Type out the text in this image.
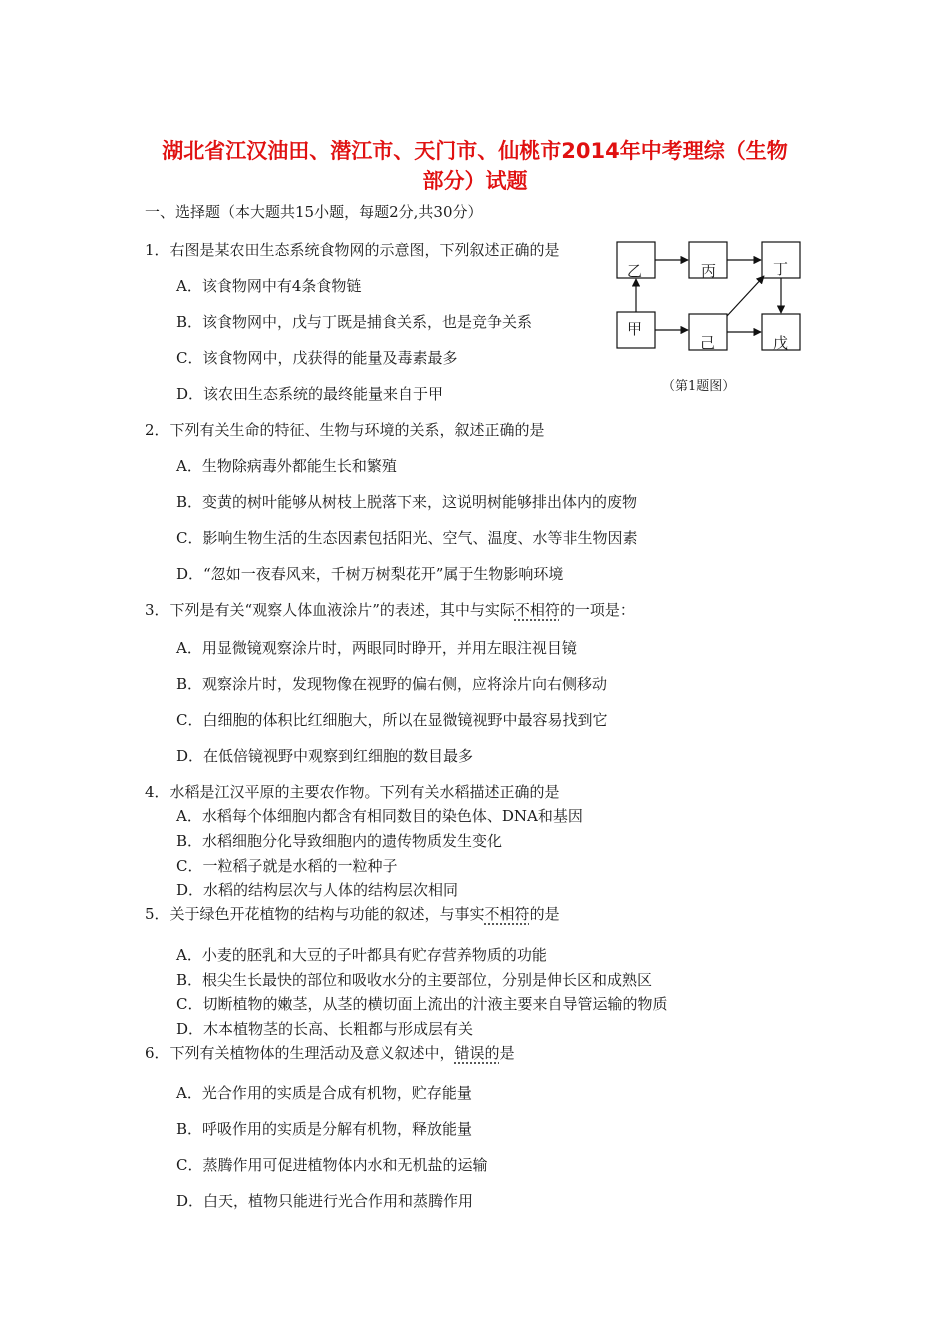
湖北省江汉油田、潜江市、天门市、仙桃市2014年中考理综（生物
部分）试题
一、选择题（本大题共15小题，每题2分,共30分）
1．右图是某农田生态系统食物网的示意图，下列叙述正确的是
A．该食物网中有4条食物链
B．该食物网中，戊与丁既是捕食关系，也是竞争关系
C．该食物网中，戊获得的能量及毒素最多
D．该农田生态系统的最终能量来自于甲
乙	丙	丁
甲
己	戊
（第1题图）
2．下列有关生命的特征、生物与环境的关系，叙述正确的是
A．生物除病毒外都能生长和繁殖
B．变黄的树叶能够从树枝上脱落下来，这说明树能够排出体内的废物
C．影响生物生活的生态因素包括阳光、空气、温度、水等非生物因素
D．“忽如一夜春风来，千树万树梨花开”属于生物影响环境
3．下列是有关“观察人体血液涂片”的表述，其中与实际不相符的一项是：
A．用显微镜观察涂片时，两眼同时睁开，并用左眼注视目镜
B．观察涂片时，发现物像在视野的偏右侧，应将涂片向右侧移动
C．白细胞的体积比红细胞大，所以在显微镜视野中最容易找到它
D．在低倍镜视野中观察到红细胞的数目最多
4．水稻是江汉平原的主要农作物。下列有关水稻描述正确的是
A．水稻每个体细胞内都含有相同数目的染色体、DNA和基因
B．水稻细胞分化导致细胞内的遗传物质发生变化
C．一粒稻子就是水稻的一粒种子
D．水稻的结构层次与人体的结构层次相同
5．关于绿色开花植物的结构与功能的叙述，与事实不相符的是
A．小麦的胚乳和大豆的子叶都具有贮存营养物质的功能
B．根尖生长最快的部位和吸收水分的主要部位，分别是伸长区和成熟区
C．切断植物的嫩茎，从茎的横切面上流出的汁液主要来自导管运输的物质
D．木本植物茎的长高、长粗都与形成层有关
6．下列有关植物体的生理活动及意义叙述中，错误的是
A．光合作用的实质是合成有机物，贮存能量
B．呼吸作用的实质是分解有机物，释放能量
C．蒸腾作用可促进植物体内水和无机盐的运输
D．白天，植物只能进行光合作用和蒸腾作用
